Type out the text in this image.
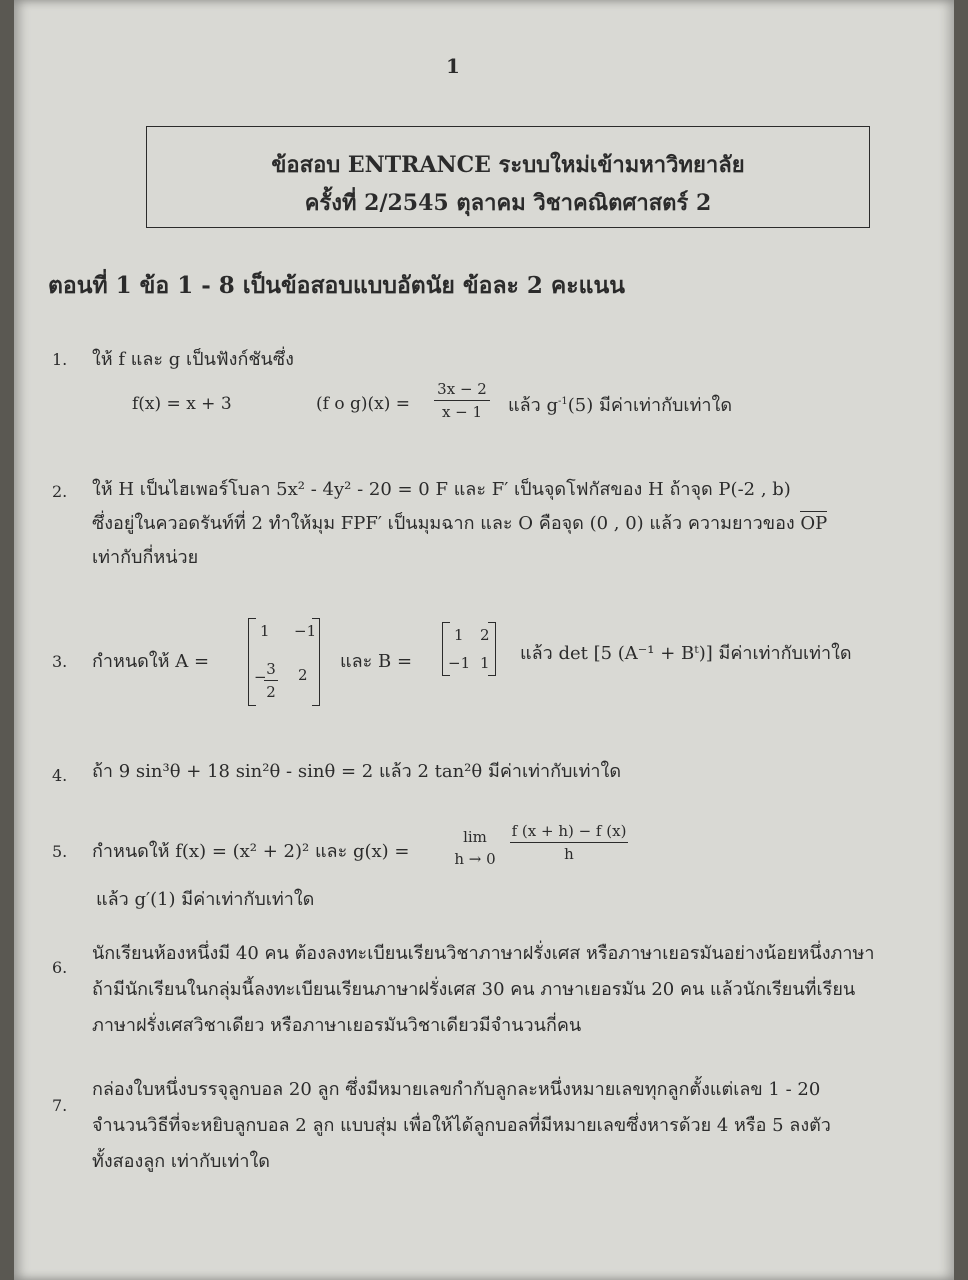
1
ข้อสอบ ENTRANCE ระบบใหม่เข้ามหาวิทยาลัย
ครั้งที่ 2/2545 ตุลาคม วิชาคณิตศาสตร์ 2
ตอนที่ 1 ข้อ 1 - 8 เป็นข้อสอบแบบอัตนัย ข้อละ 2 คะแนน
1. ให้ f และ g เป็นฟังก์ชันซึ่ง
f(x) = x + 3	(f o g)(x) =
3x − 2
x − 1	แล้ว $g^{-1}(5)$ มีค่าเท่ากับเท่าใด
2. ให้ H เป็นไฮเพอร์โบลา 5x² - 4y² - 20 = 0 F และ F′ เป็นจุดโฟกัสของ H ถ้าจุด P(-2 , b)
ซึ่งอยู่ในควอดรันท์ที่ 2 ทำให้มุม FPF′ เป็นมุมฉาก และ O คือจุด (0 , 0) แล้ว ความยาวของ OP
เท่ากับกี่หน่วย
3. กำหนดให้ A =
1 −1
− 3
2
2
และ B =
1 2
−1 1 แล้ว det [5 (A⁻¹ + Bᵗ)] มีค่าเท่ากับเท่าใด
4. ถ้า 9 sin³θ + 18 sin²θ - sinθ = 2 แล้ว 2 tan²θ มีค่าเท่ากับเท่าใด
5. กำหนดให้ f(x) = (x² + 2)² และ g(x) =
lim
h → 0
f (x + h) − f (x)
h
แล้ว g′(1) มีค่าเท่ากับเท่าใด
6.
นักเรียนห้องหนึ่งมี 40 คน ต้องลงทะเบียนเรียนวิชาภาษาฝรั่งเศส หรือภาษาเยอรมันอย่างน้อยหนึ่งภาษา
ถ้ามีนักเรียนในกลุ่มนี้ลงทะเบียนเรียนภาษาฝรั่งเศส 30 คน ภาษาเยอรมัน 20 คน แล้วนักเรียนที่เรียน
ภาษาฝรั่งเศสวิชาเดียว หรือภาษาเยอรมันวิชาเดียวมีจำนวนกี่คน
7.
กล่องใบหนึ่งบรรจุลูกบอล 20 ลูก ซึ่งมีหมายเลขกำกับลูกละหนึ่งหมายเลขทุกลูกตั้งแต่เลข 1 - 20
จำนวนวิธีที่จะหยิบลูกบอล 2 ลูก แบบสุ่ม เพื่อให้ได้ลูกบอลที่มีหมายเลขซึ่งหารด้วย 4 หรือ 5 ลงตัว
ทั้งสองลูก เท่ากับเท่าใด
